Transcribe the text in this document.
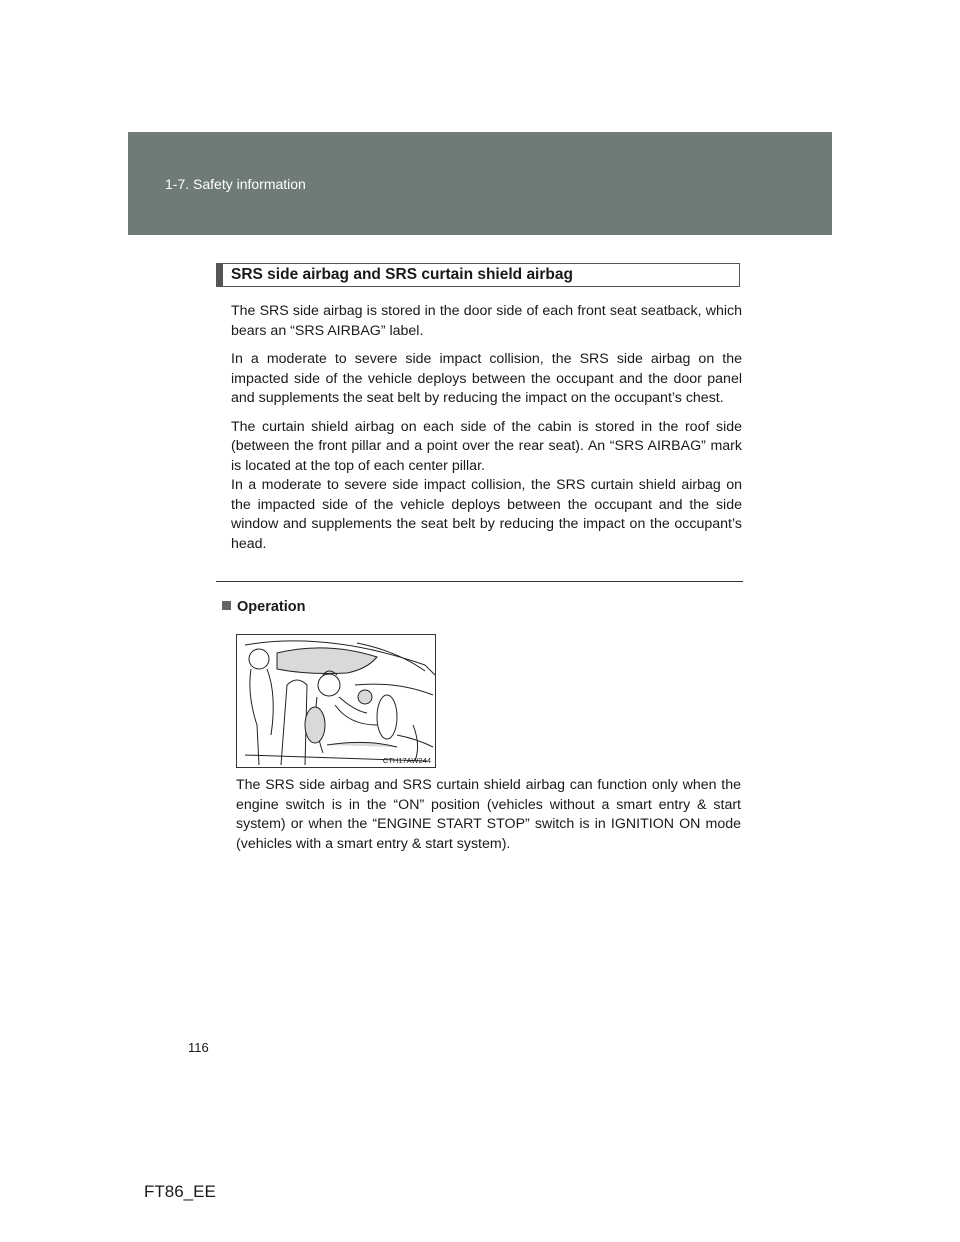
1-7. Safety information
SRS side airbag and SRS curtain shield airbag

The SRS side airbag is stored in the door side of each front seat seatback, which bears an “SRS AIRBAG” label.

In a moderate to severe side impact collision, the SRS side airbag on the impacted side of the vehicle deploys between the occupant and the door panel and supplements the seat belt by reducing the impact on the occupant’s chest.

The curtain shield airbag on each side of the cabin is stored in the roof side (between the front pillar and a point over the rear seat). An “SRS AIRBAG” mark is located at the top of each center pillar.

In a moderate to severe side impact collision, the SRS curtain shield airbag on the impacted side of the vehicle deploys between the occupant and the side window and supplements the seat belt by reducing the impact on the occupant’s head.

Operation
CTH17AW244
The SRS side airbag and SRS curtain shield airbag can function only when the engine switch is in the “ON” position (vehicles without a smart entry & start system) or when the “ENGINE START STOP” switch is in IGNITION ON mode (vehicles with a smart entry & start system).
116
FT86_EE
